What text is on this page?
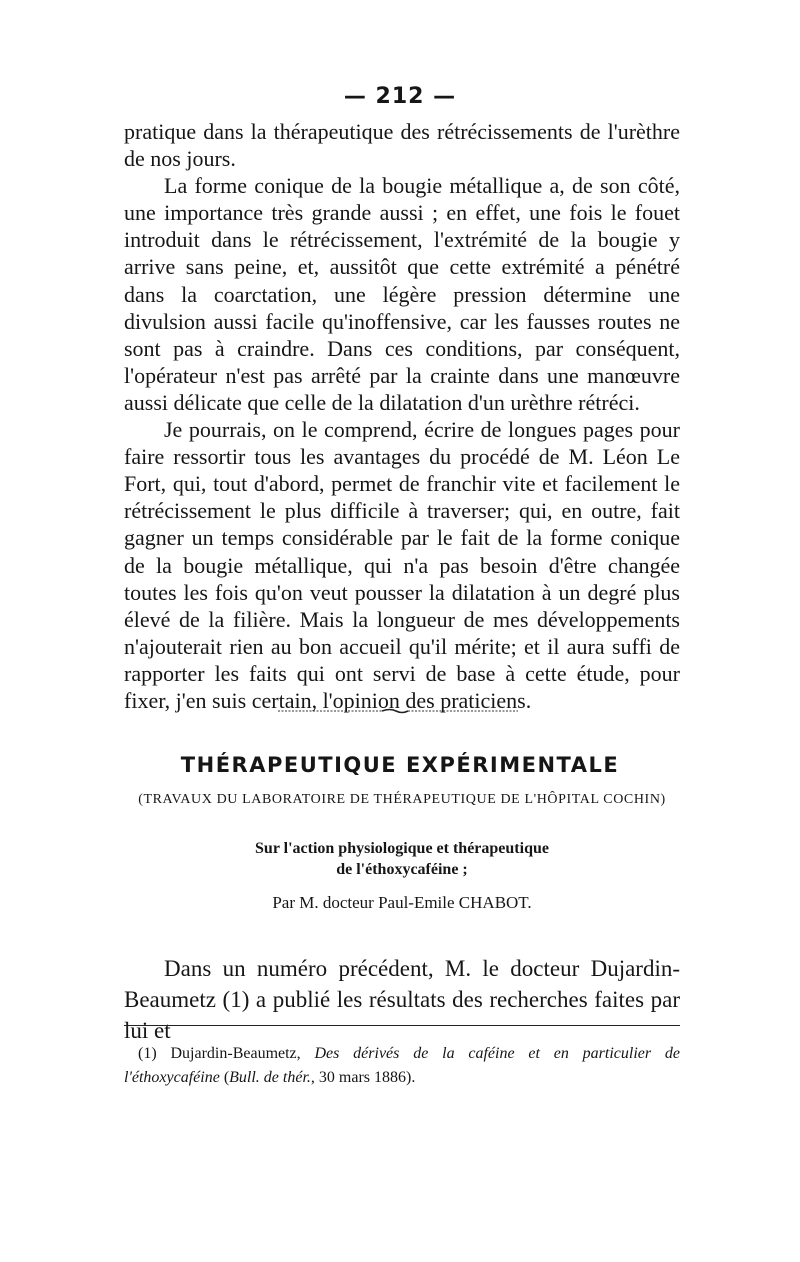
— 212 —

pratique dans la thérapeutique des rétrécissements de l'urèthre de nos jours.

La forme conique de la bougie métallique a, de son côté, une importance très grande aussi ; en effet, une fois le fouet introduit dans le rétrécissement, l'extrémité de la bougie y arrive sans peine, et, aussitôt que cette extrémité a pénétré dans la coarctation, une légère pression détermine une divulsion aussi facile qu'inoffensive, car les fausses routes ne sont pas à craindre. Dans ces conditions, par conséquent, l'opérateur n'est pas arrêté par la crainte dans une manœuvre aussi délicate que celle de la dilatation d'un urèthre rétréci.

Je pourrais, on le comprend, écrire de longues pages pour faire ressortir tous les avantages du procédé de M. Léon Le Fort, qui, tout d'abord, permet de franchir vite et facilement le rétrécissement le plus difficile à traverser; qui, en outre, fait gagner un temps considérable par le fait de la forme conique de la bougie métallique, qui n'a pas besoin d'être changée toutes les fois qu'on veut pousser la dilatation à un degré plus élevé de la filière. Mais la longueur de mes développements n'ajouterait rien au bon accueil qu'il mérite; et il aura suffi de rapporter les faits qui ont servi de base à cette étude, pour fixer, j'en suis certain, l'opinion des praticiens.

THÉRAPEUTIQUE EXPÉRIMENTALE
(TRAVAUX DU LABORATOIRE DE THÉRAPEUTIQUE DE L'HÔPITAL COCHIN)
Sur l'action physiologique et thérapeutique
de l'éthoxycaféine ;
Par M. docteur Paul-Emile CHABOT.
Dans un numéro précédent, M. le docteur Dujardin-Beaumetz (1) a publié les résultats des recherches faites par lui et
(1) Dujardin-Beaumetz, Des dérivés de la caféine et en particulier de l'éthoxycaféine (Bull. de thér., 30 mars 1886).
